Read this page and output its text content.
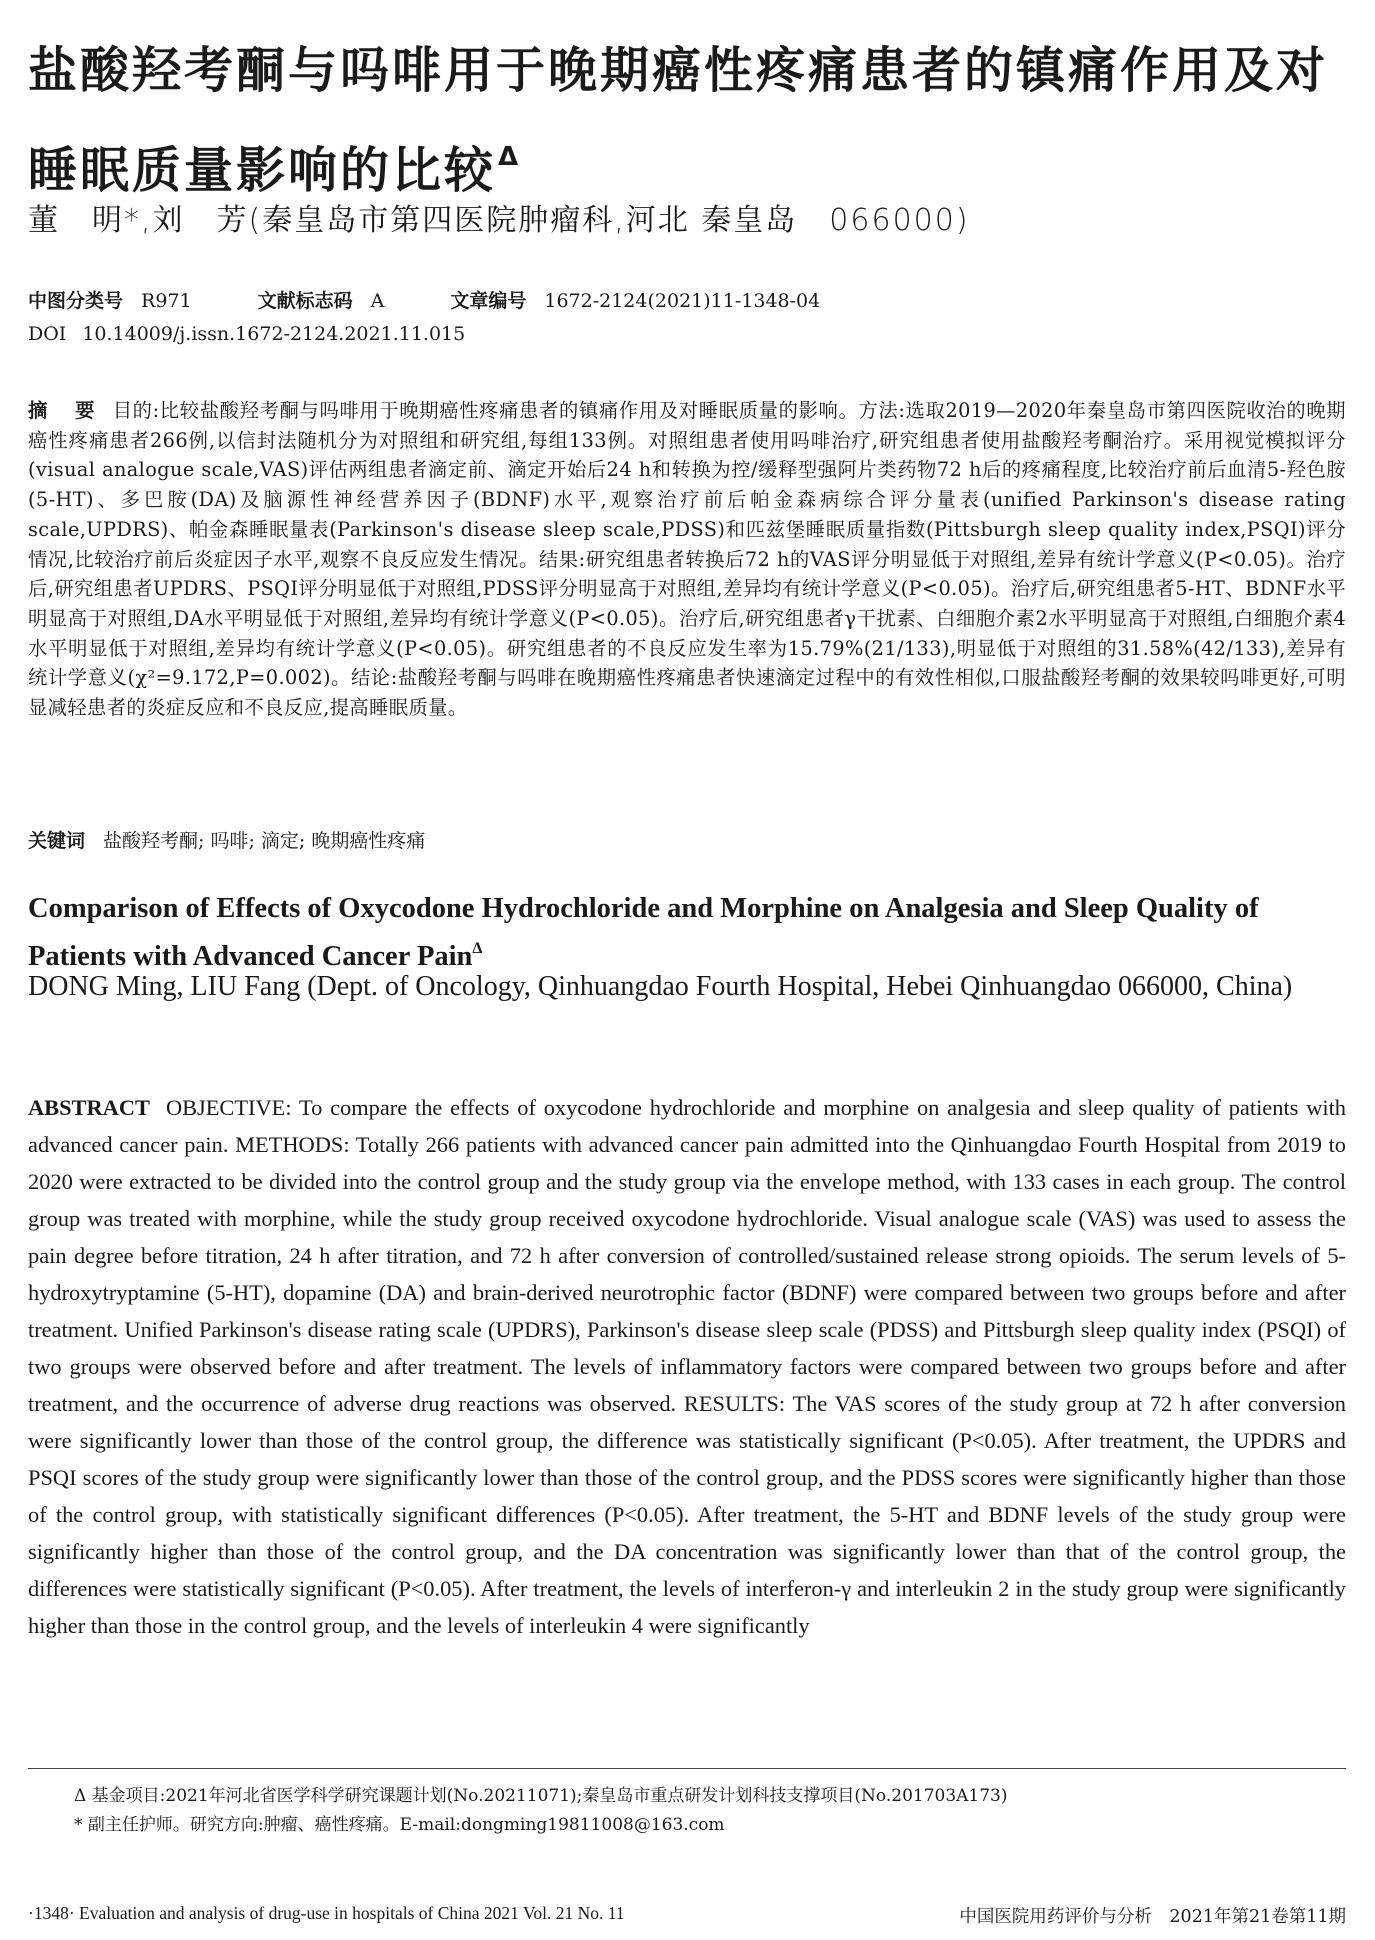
盐酸羟考酮与吗啡用于晚期癌性疼痛患者的镇痛作用及对睡眠质量影响的比较$^\Delta$
董　明*,刘　芳(秦皇岛市第四医院肿瘤科,河北 秦皇岛　066000)
中图分类号 R971	文献标志码 A	文章编号 1672-2124(2021)11-1348-04
DOI 10.14009/j.issn.1672-2124.2021.11.015

摘　要 目的:比较盐酸羟考酮与吗啡用于晚期癌性疼痛患者的镇痛作用及对睡眠质量的影响。方法:选取2019—2020年秦皇岛市第四医院收治的晚期癌性疼痛患者266例,以信封法随机分为对照组和研究组,每组133例。对照组患者使用吗啡治疗,研究组患者使用盐酸羟考酮治疗。采用视觉模拟评分(visual analogue scale,VAS)评估两组患者滴定前、滴定开始后24 h和转换为控/缓释型强阿片类药物72 h后的疼痛程度,比较治疗前后血清5-羟色胺(5-HT)、多巴胺(DA)及脑源性神经营养因子(BDNF)水平,观察治疗前后帕金森病综合评分量表(unified Parkinson's disease rating scale,UPDRS)、帕金森睡眠量表(Parkinson's disease sleep scale,PDSS)和匹兹堡睡眠质量指数(Pittsburgh sleep quality index,PSQI)评分情况,比较治疗前后炎症因子水平,观察不良反应发生情况。结果:研究组患者转换后72 h的VAS评分明显低于对照组,差异有统计学意义(P<0.05)。治疗后,研究组患者UPDRS、PSQI评分明显低于对照组,PDSS评分明显高于对照组,差异均有统计学意义(P<0.05)。治疗后,研究组患者5-HT、BDNF水平明显高于对照组,DA水平明显低于对照组,差异均有统计学意义(P<0.05)。治疗后,研究组患者γ干扰素、白细胞介素2水平明显高于对照组,白细胞介素4水平明显低于对照组,差异均有统计学意义(P<0.05)。研究组患者的不良反应发生率为15.79%(21/133),明显低于对照组的31.58%(42/133),差异有统计学意义(χ²=9.172,P=0.002)。结论:盐酸羟考酮与吗啡在晚期癌性疼痛患者快速滴定过程中的有效性相似,口服盐酸羟考酮的效果较吗啡更好,可明显减轻患者的炎症反应和不良反应,提高睡眠质量。

关键词 盐酸羟考酮; 吗啡; 滴定; 晚期癌性疼痛
Comparison of Effects of Oxycodone Hydrochloride and Morphine on Analgesia and Sleep Quality of Patients with Advanced Cancer Pain$^\Delta$
DONG Ming, LIU Fang (Dept. of Oncology, Qinhuangdao Fourth Hospital, Hebei Qinhuangdao 066000, China)

ABSTRACT OBJECTIVE: To compare the effects of oxycodone hydrochloride and morphine on analgesia and sleep quality of patients with advanced cancer pain. METHODS: Totally 266 patients with advanced cancer pain admitted into the Qinhuangdao Fourth Hospital from 2019 to 2020 were extracted to be divided into the control group and the study group via the envelope method, with 133 cases in each group. The control group was treated with morphine, while the study group received oxycodone hydrochloride. Visual analogue scale (VAS) was used to assess the pain degree before titration, 24 h after titration, and 72 h after conversion of controlled/sustained release strong opioids. The serum levels of 5-hydroxytryptamine (5-HT), dopamine (DA) and brain-derived neurotrophic factor (BDNF) were compared between two groups before and after treatment. Unified Parkinson's disease rating scale (UPDRS), Parkinson's disease sleep scale (PDSS) and Pittsburgh sleep quality index (PSQI) of two groups were observed before and after treatment. The levels of inflammatory factors were compared between two groups before and after treatment, and the occurrence of adverse drug reactions was observed. RESULTS: The VAS scores of the study group at 72 h after conversion were significantly lower than those of the control group, the difference was statistically significant (P<0.05). After treatment, the UPDRS and PSQI scores of the study group were significantly lower than those of the control group, and the PDSS scores were significantly higher than those of the control group, with statistically significant differences (P<0.05). After treatment, the 5-HT and BDNF levels of the study group were significantly higher than those of the control group, and the DA concentration was significantly lower than that of the control group, the differences were statistically significant (P<0.05). After treatment, the levels of interferon-γ and interleukin 2 in the study group were significantly higher than those in the control group, and the levels of interleukin 4 were significantly

Δ 基金项目:2021年河北省医学科学研究课题计划(No.20211071);秦皇岛市重点研发计划科技支撑项目(No.201703A173)
* 副主任护师。研究方向:肿瘤、癌性疼痛。E-mail:dongming19811008@163.com
·1348· Evaluation and analysis of drug-use in hospitals of China 2021 Vol. 21 No. 11	中国医院用药评价与分析　2021年第21卷第11期
